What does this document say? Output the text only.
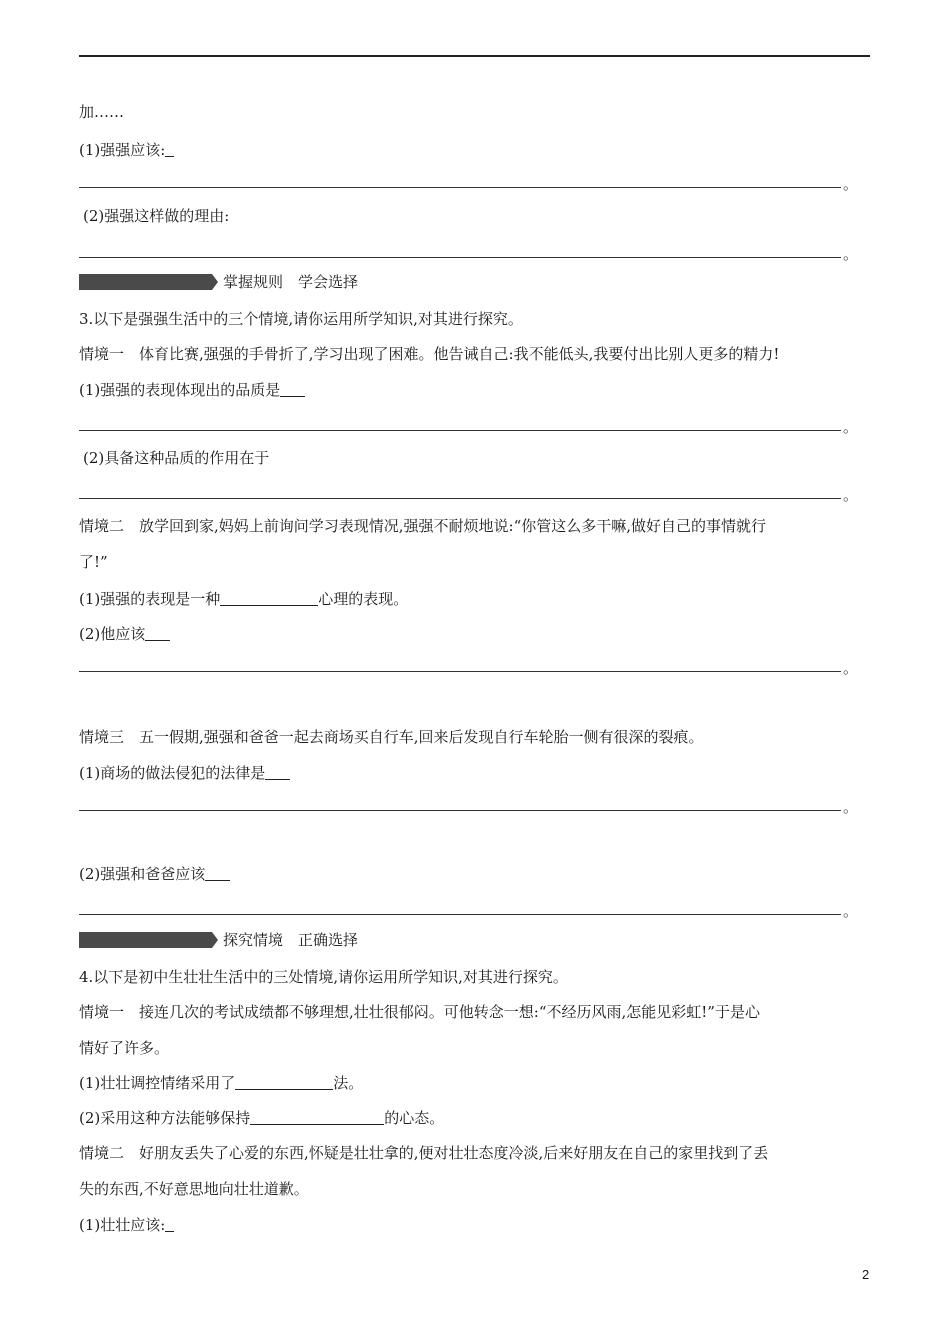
加……
(1)强强应该:
。
(2)强强这样做的理由:
。
掌握规则　学会选择
3.以下是强强生活中的三个情境,请你运用所学知识,对其进行探究。
情境一　体育比赛,强强的手骨折了,学习出现了困难。他告诫自己:我不能低头,我要付出比别人更多的精力!
(1)强强的表现体现出的品质是
。
(2)具备这种品质的作用在于
。
情境二　放学回到家,妈妈上前询问学习表现情况,强强不耐烦地说:“你管这么多干嘛,做好自己的事情就行
了!”
(1)强强的表现是一种	心理的表现。
(2)他应该
。
情境三　五一假期,强强和爸爸一起去商场买自行车,回来后发现自行车轮胎一侧有很深的裂痕。
(1)商场的做法侵犯的法律是
。
(2)强强和爸爸应该
。
探究情境　正确选择
4.以下是初中生壮壮生活中的三处情境,请你运用所学知识,对其进行探究。
情境一　接连几次的考试成绩都不够理想,壮壮很郁闷。可他转念一想:“不经历风雨,怎能见彩虹!”于是心
情好了许多。
(1)壮壮调控情绪采用了	法。
(2)采用这种方法能够保持	的心态。
情境二　好朋友丢失了心爱的东西,怀疑是壮壮拿的,便对壮壮态度冷淡,后来好朋友在自己的家里找到了丢
失的东西,不好意思地向壮壮道歉。
(1)壮壮应该:
2
